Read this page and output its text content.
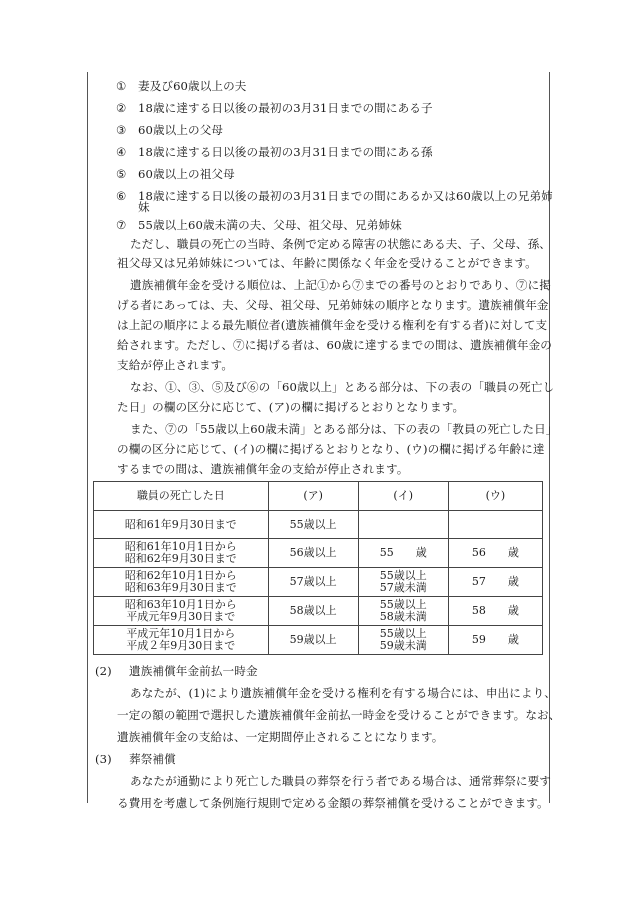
① 妻及び60歳以上の夫
② 18歳に達する日以後の最初の3月31日までの間にある子
③ 60歳以上の父母
④ 18歳に達する日以後の最初の3月31日までの間にある孫
⑤ 60歳以上の祖父母
⑥ 18歳に達する日以後の最初の3月31日までの間にあるか又は60歳以上の兄弟姉
妹
⑦ 55歳以上60歳未満の夫、父母、祖父母、兄弟姉妹
ただし、職員の死亡の当時、条例で定める障害の状態にある夫、子、父母、孫、
祖父母又は兄弟姉妹については、年齢に関係なく年金を受けることができます。
遺族補償年金を受ける順位は、上記①から⑦までの番号のとおりであり、⑦に掲
げる者にあっては、夫、父母、祖父母、兄弟姉妹の順序となります。遺族補償年金
は上記の順序による最先順位者(遺族補償年金を受ける権利を有する者)に対して支
給されます。ただし、⑦に掲げる者は、60歳に達するまでの間は、遺族補償年金の
支給が停止されます。
なお、①、③、⑤及び⑥の「60歳以上」とある部分は、下の表の「職員の死亡し
た日」の欄の区分に応じて、(ア)の欄に掲げるとおりとなります。
また、⑦の「55歳以上60歳未満」とある部分は、下の表の「教員の死亡した日」
職員の死亡した日	(ア)	(イ)	(ウ)

昭和61年9月30日まで	55歳以上		

昭和61年10月1日から
昭和62年9月30日まで	56歳以上	55　　歳	56　　歳

昭和62年10月1日から
昭和63年9月30日まで	57歳以上	55歳以上
57歳未満	57　　歳

昭和63年10月1日から
平成元年9月30日まで	58歳以上	55歳以上
58歳未満	58　　歳

平成元年10月1日から
平成２年9月30日まで	59歳以上	55歳以上
59歳未満	59　　歳
(2) 遺族補償年金前払一時金
あなたが、(1)により遺族補償年金を受ける権利を有する場合には、申出により、
一定の額の範囲で選択した遺族補償年金前払一時金を受けることができます。なお、
遺族補償年金の支給は、一定期間停止されることになります。
(3) 葬祭補償
あなたが通勤により死亡した職員の葬祭を行う者である場合は、通常葬祭に要す
る費用を考慮して条例施行規則で定める金額の葬祭補償を受けることができます。
の欄の区分に応じて、(イ)の欄に掲げるとおりとなり、(ウ)の欄に掲げる年齢に達
するまでの間は、遺族補償年金の支給が停止されます。
